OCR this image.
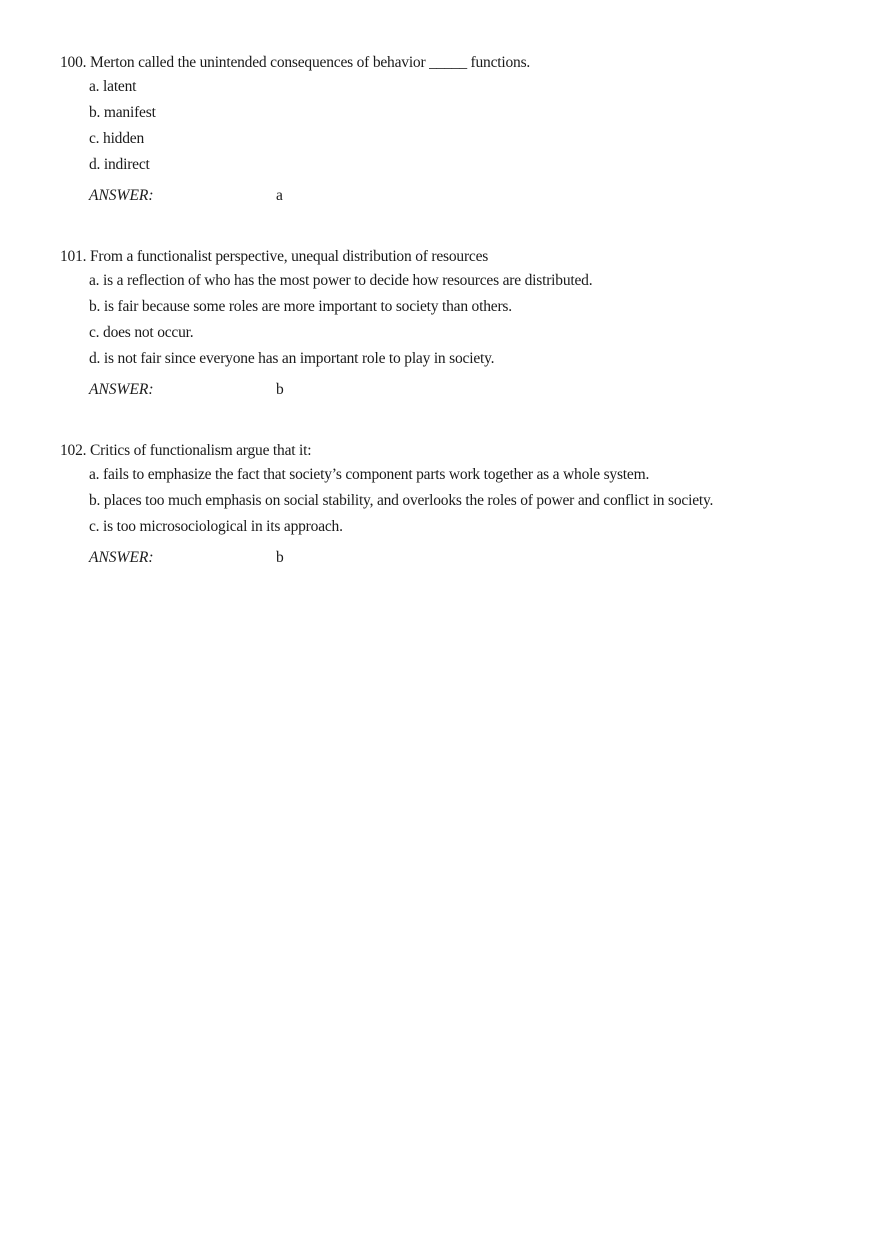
100. Merton called the unintended consequences of behavior _____ functions.
a. latent
b. manifest
c. hidden
d. indirect
ANSWER:	a
101. From a functionalist perspective, unequal distribution of resources
a. is a reflection of who has the most power to decide how resources are distributed.
b. is fair because some roles are more important to society than others.
c. does not occur.
d. is not fair since everyone has an important role to play in society.
ANSWER:	b
102. Critics of functionalism argue that it:
a. fails to emphasize the fact that society’s component parts work together as a whole system.
b. places too much emphasis on social stability, and overlooks the roles of power and conflict in society.
c. is too microsociological in its approach.
ANSWER:	b
